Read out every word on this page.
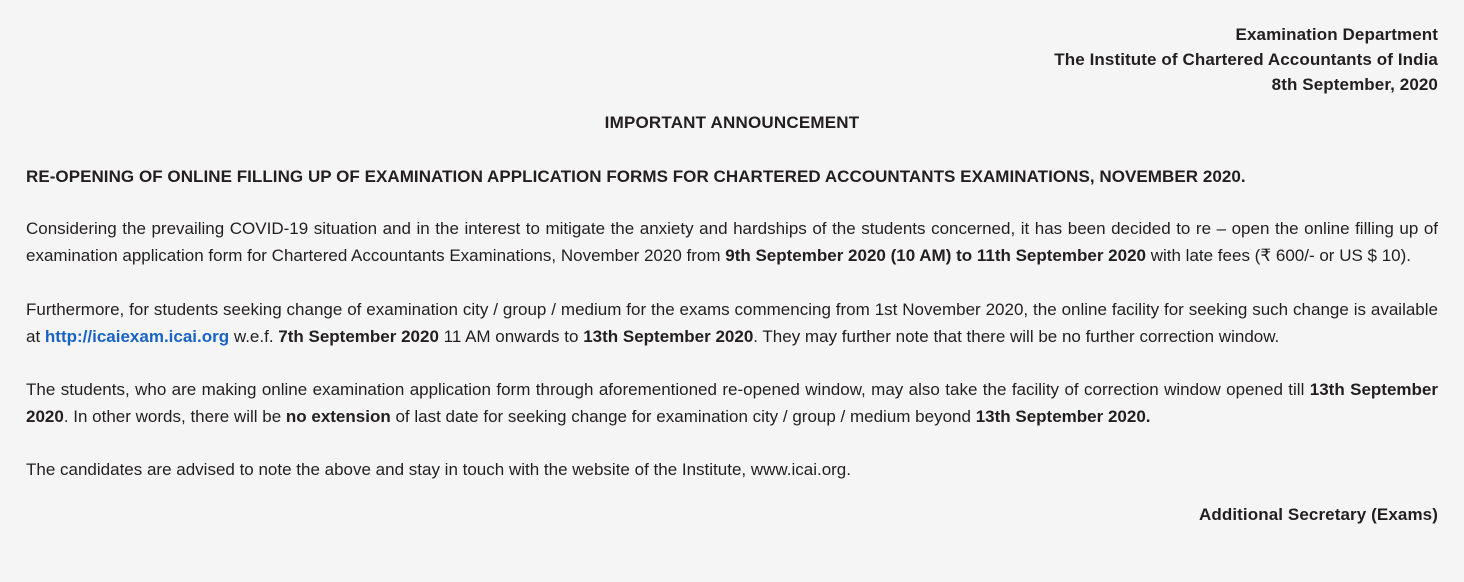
Examination Department
The Institute of Chartered Accountants of India
8th September, 2020
IMPORTANT ANNOUNCEMENT
RE-OPENING OF ONLINE FILLING UP OF EXAMINATION APPLICATION FORMS FOR CHARTERED ACCOUNTANTS EXAMINATIONS, NOVEMBER 2020.

Considering the prevailing COVID-19 situation and in the interest to mitigate the anxiety and hardships of the students concerned, it has been decided to re – open the online filling up of examination application form for Chartered Accountants Examinations, November 2020 from 9th September 2020 (10 AM) to 11th September 2020 with late fees (₹ 600/- or US $ 10).

Furthermore, for students seeking change of examination city / group / medium for the exams commencing from 1st November 2020, the online facility for seeking such change is available at http://icaiexam.icai.org w.e.f. 7th September 2020 11 AM onwards to 13th September 2020. They may further note that there will be no further correction window.

The students, who are making online examination application form through aforementioned re-opened window, may also take the facility of correction window opened till 13th September 2020. In other words, there will be no extension of last date for seeking change for examination city / group / medium beyond 13th September 2020.

The candidates are advised to note the above and stay in touch with the website of the Institute, www.icai.org.

Additional Secretary (Exams)
